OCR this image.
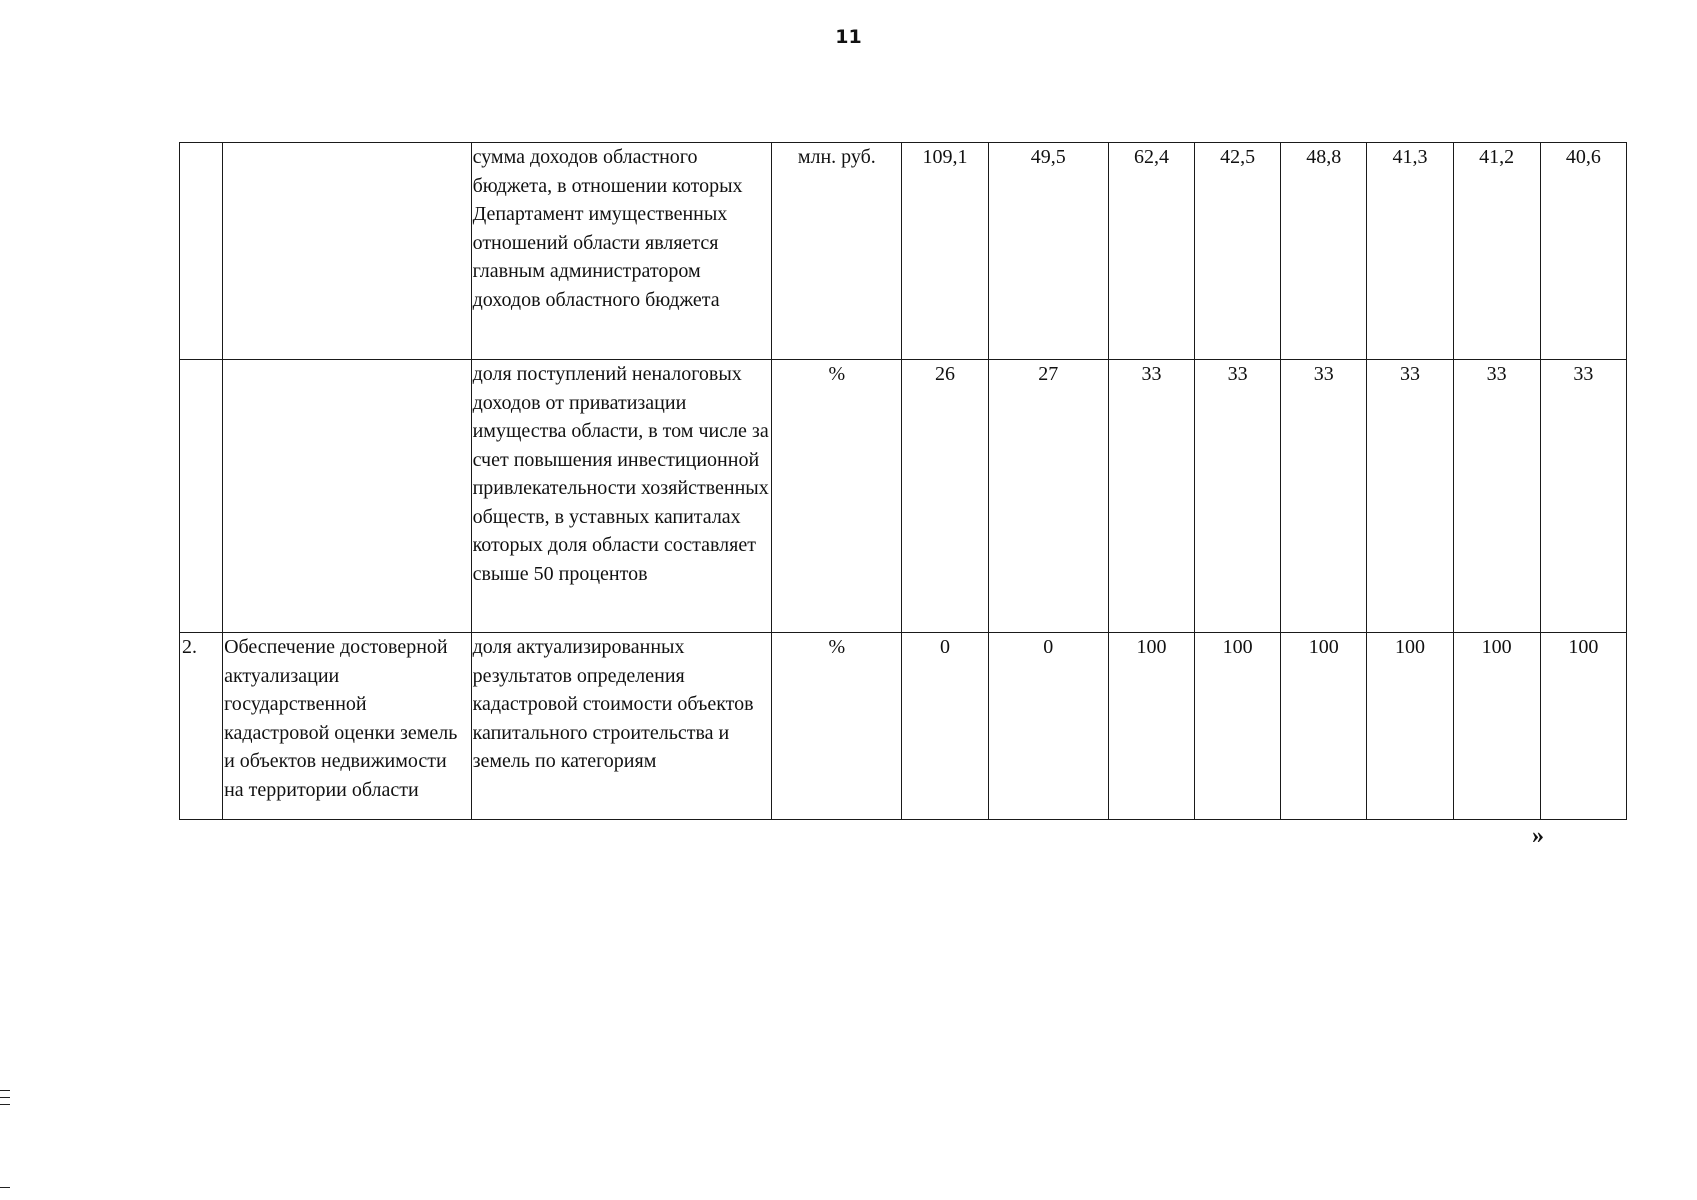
11
		сумма доходов областного бюджета, в отношении которых Департамент имущественных отношений области является главным администратором доходов областного бюджета	млн. руб.	109,1	49,5	62,4	42,5	48,8	41,3	41,2	40,6
		доля поступлений неналоговых доходов от приватизации имущества области, в том числе за счет повышения инвестиционной привлекательности хозяйственных обществ, в уставных капиталах которых доля области составляет свыше 50 процентов	%	26	27	33	33	33	33	33	33
2.	Обеспечение достоверной актуализации государственной кадастровой оценки земель и объектов недвижимости на территории области	доля актуализированных результатов определения кадастровой стоимости объектов капитального строительства и земель по категориям	%	0	0	100	100	100	100	100	100
»
